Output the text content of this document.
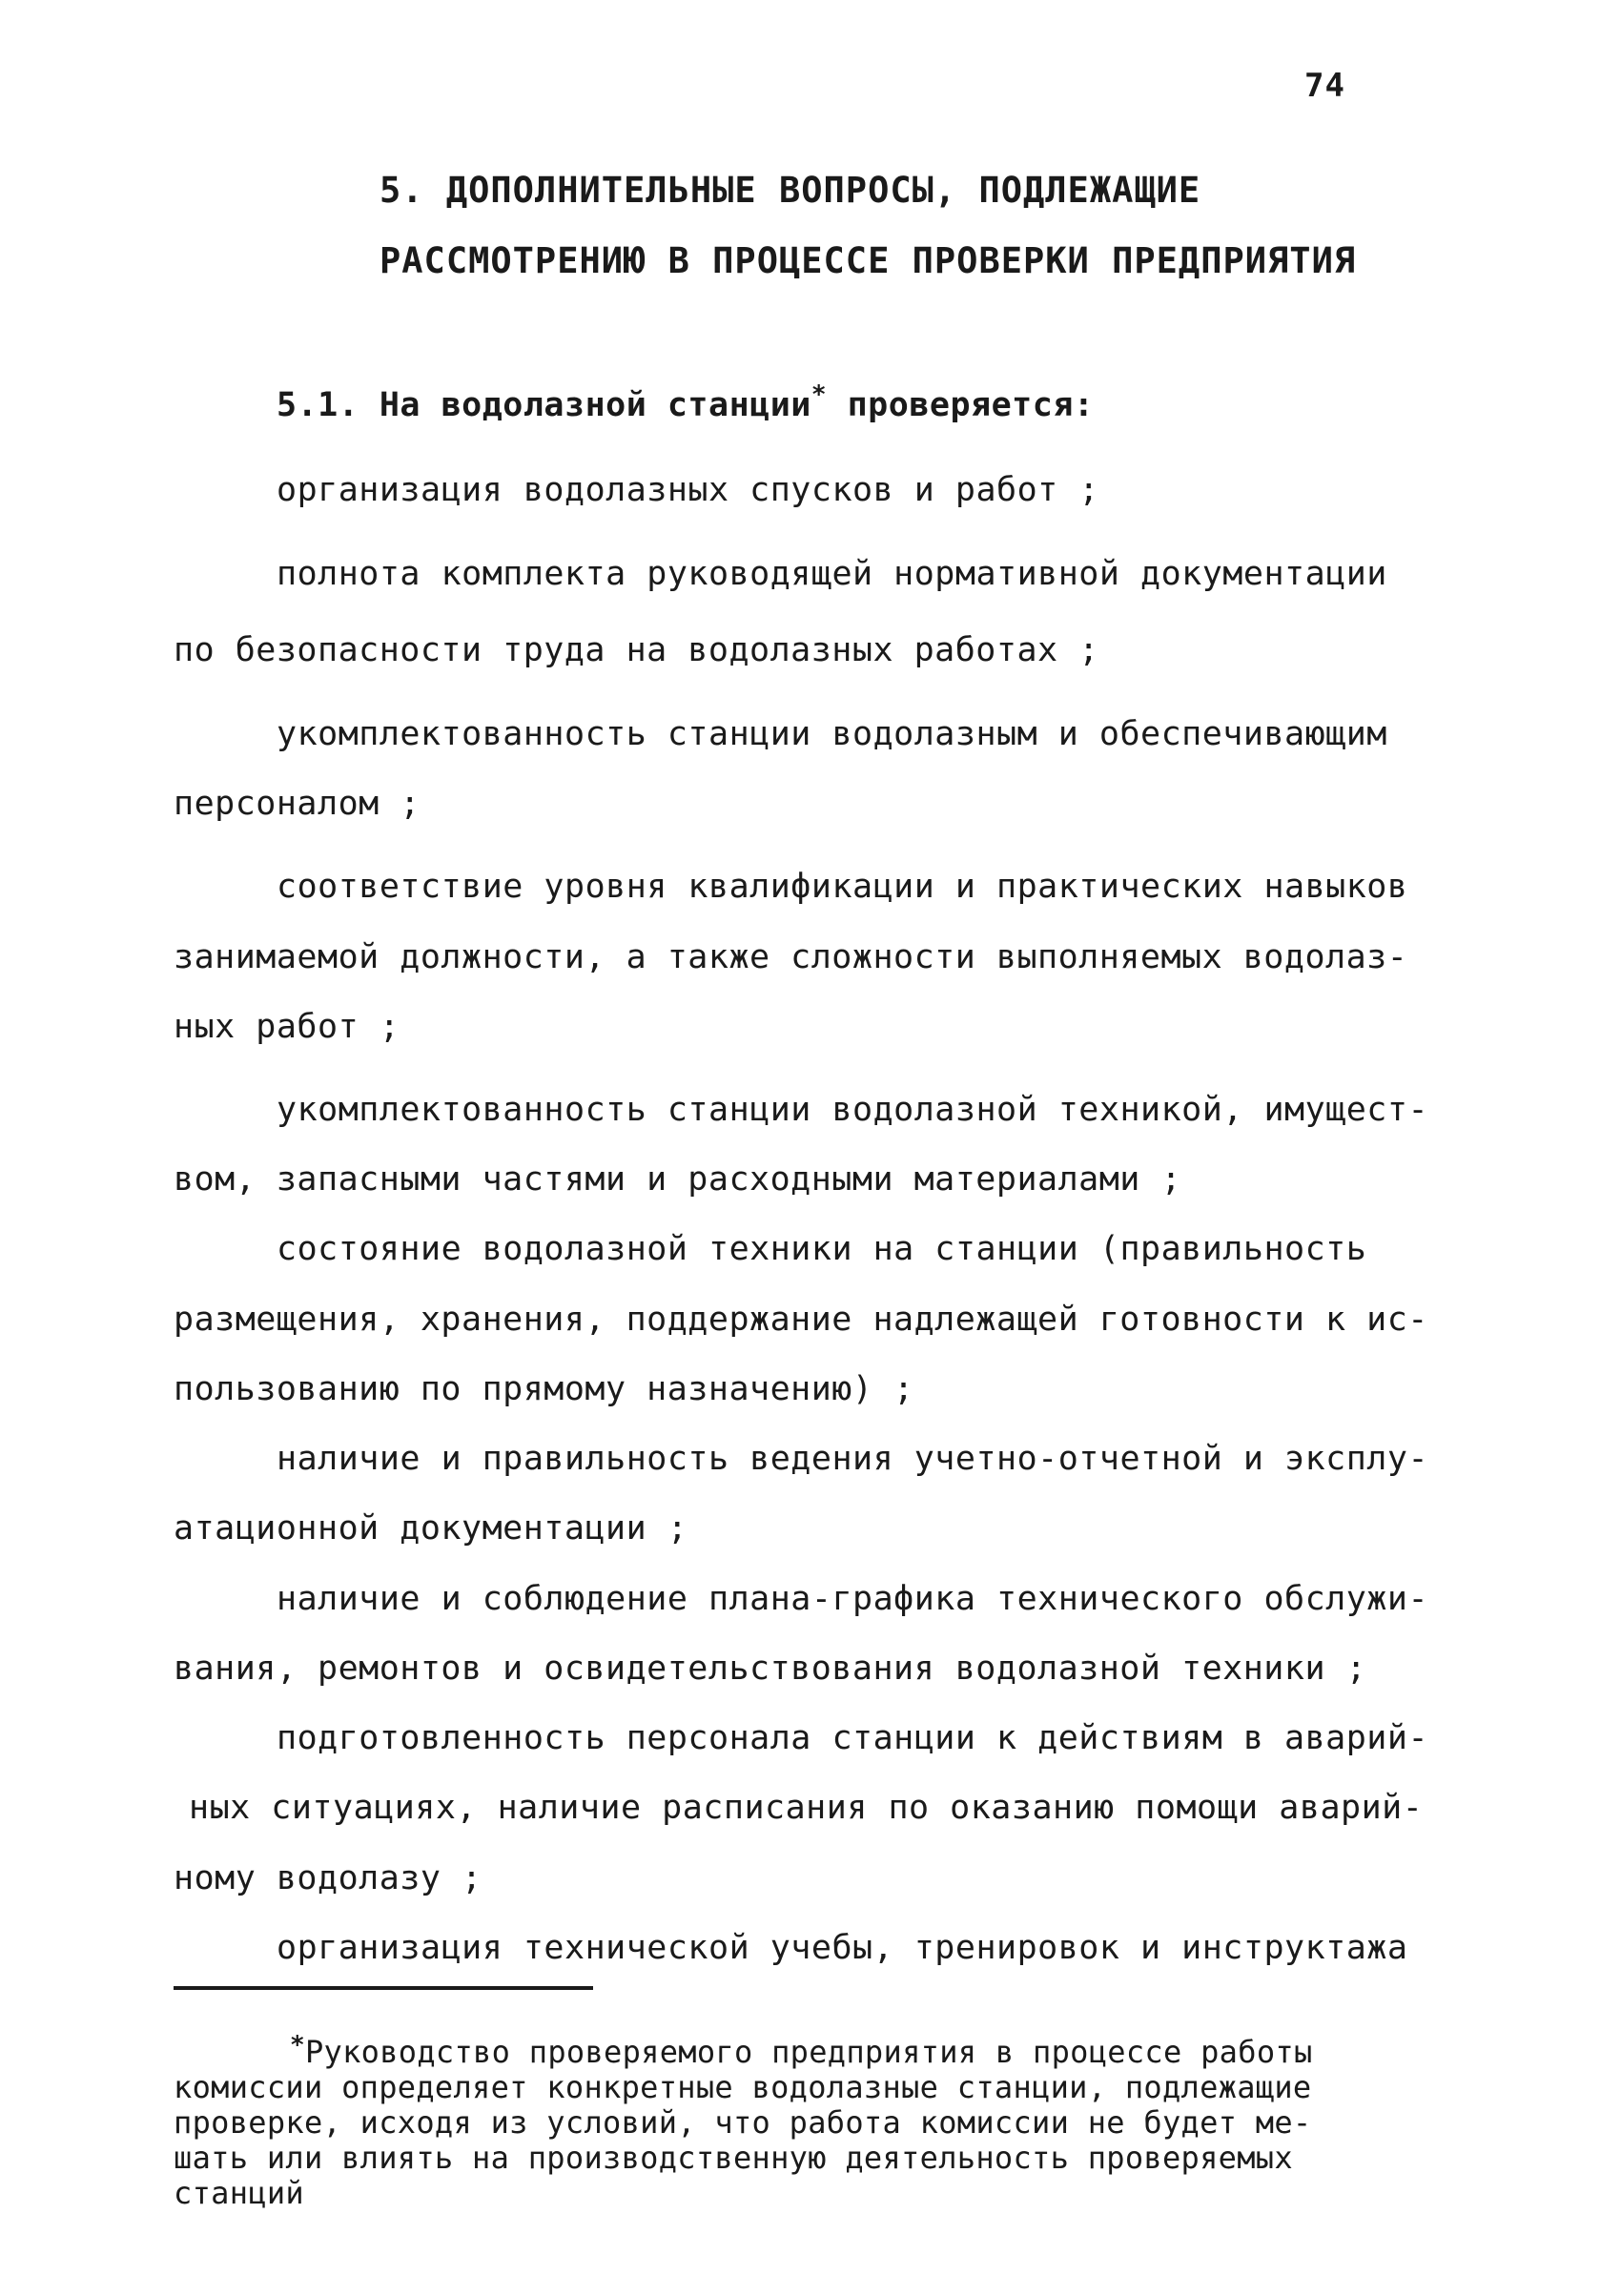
74
5. ДОПОЛНИТЕЛЬНЫЕ ВОПРОСЫ, ПОДЛЕЖАЩИЕ
РАССМОТРЕНИЮ В ПРОЦЕССЕ ПРОВЕРКИ ПРЕДПРИЯТИЯ
5.1. На водолазной станции* проверяется:
организация водолазных спусков и работ ;
полнота комплекта руководящей нормативной документации
по безопасности труда на водолазных работах ;
укомплектованность станции водолазным и обеспечивающим
персоналом ;
соответствие уровня квалификации и практических навыков
занимаемой должности, а также сложности выполняемых водолаз-
ных работ ;
укомплектованность станции водолазной техникой, имущест-
вом, запасными частями и расходными материалами ;
состояние водолазной техники на станции (правильность
размещения, хранения, поддержание надлежащей готовности к ис-
пользованию по прямому назначению) ;
наличие и правильность ведения учетно-отчетной и эксплу-
атационной документации ;
наличие и соблюдение плана-графика технического обслужи-
вания, ремонтов и освидетельствования водолазной техники ;
подготовленность персонала станции к действиям в аварий-
ных ситуациях, наличие расписания по оказанию помощи аварий-
ному водолазу ;
организация технической учебы, тренировок и инструктажа
*Руководство проверяемого предприятия в процессе работы
комиссии определяет конкретные водолазные станции, подлежащие
проверке, исходя из условий, что работа комиссии не будет ме-
шать или влиять на производственную деятельность проверяемых
станций
